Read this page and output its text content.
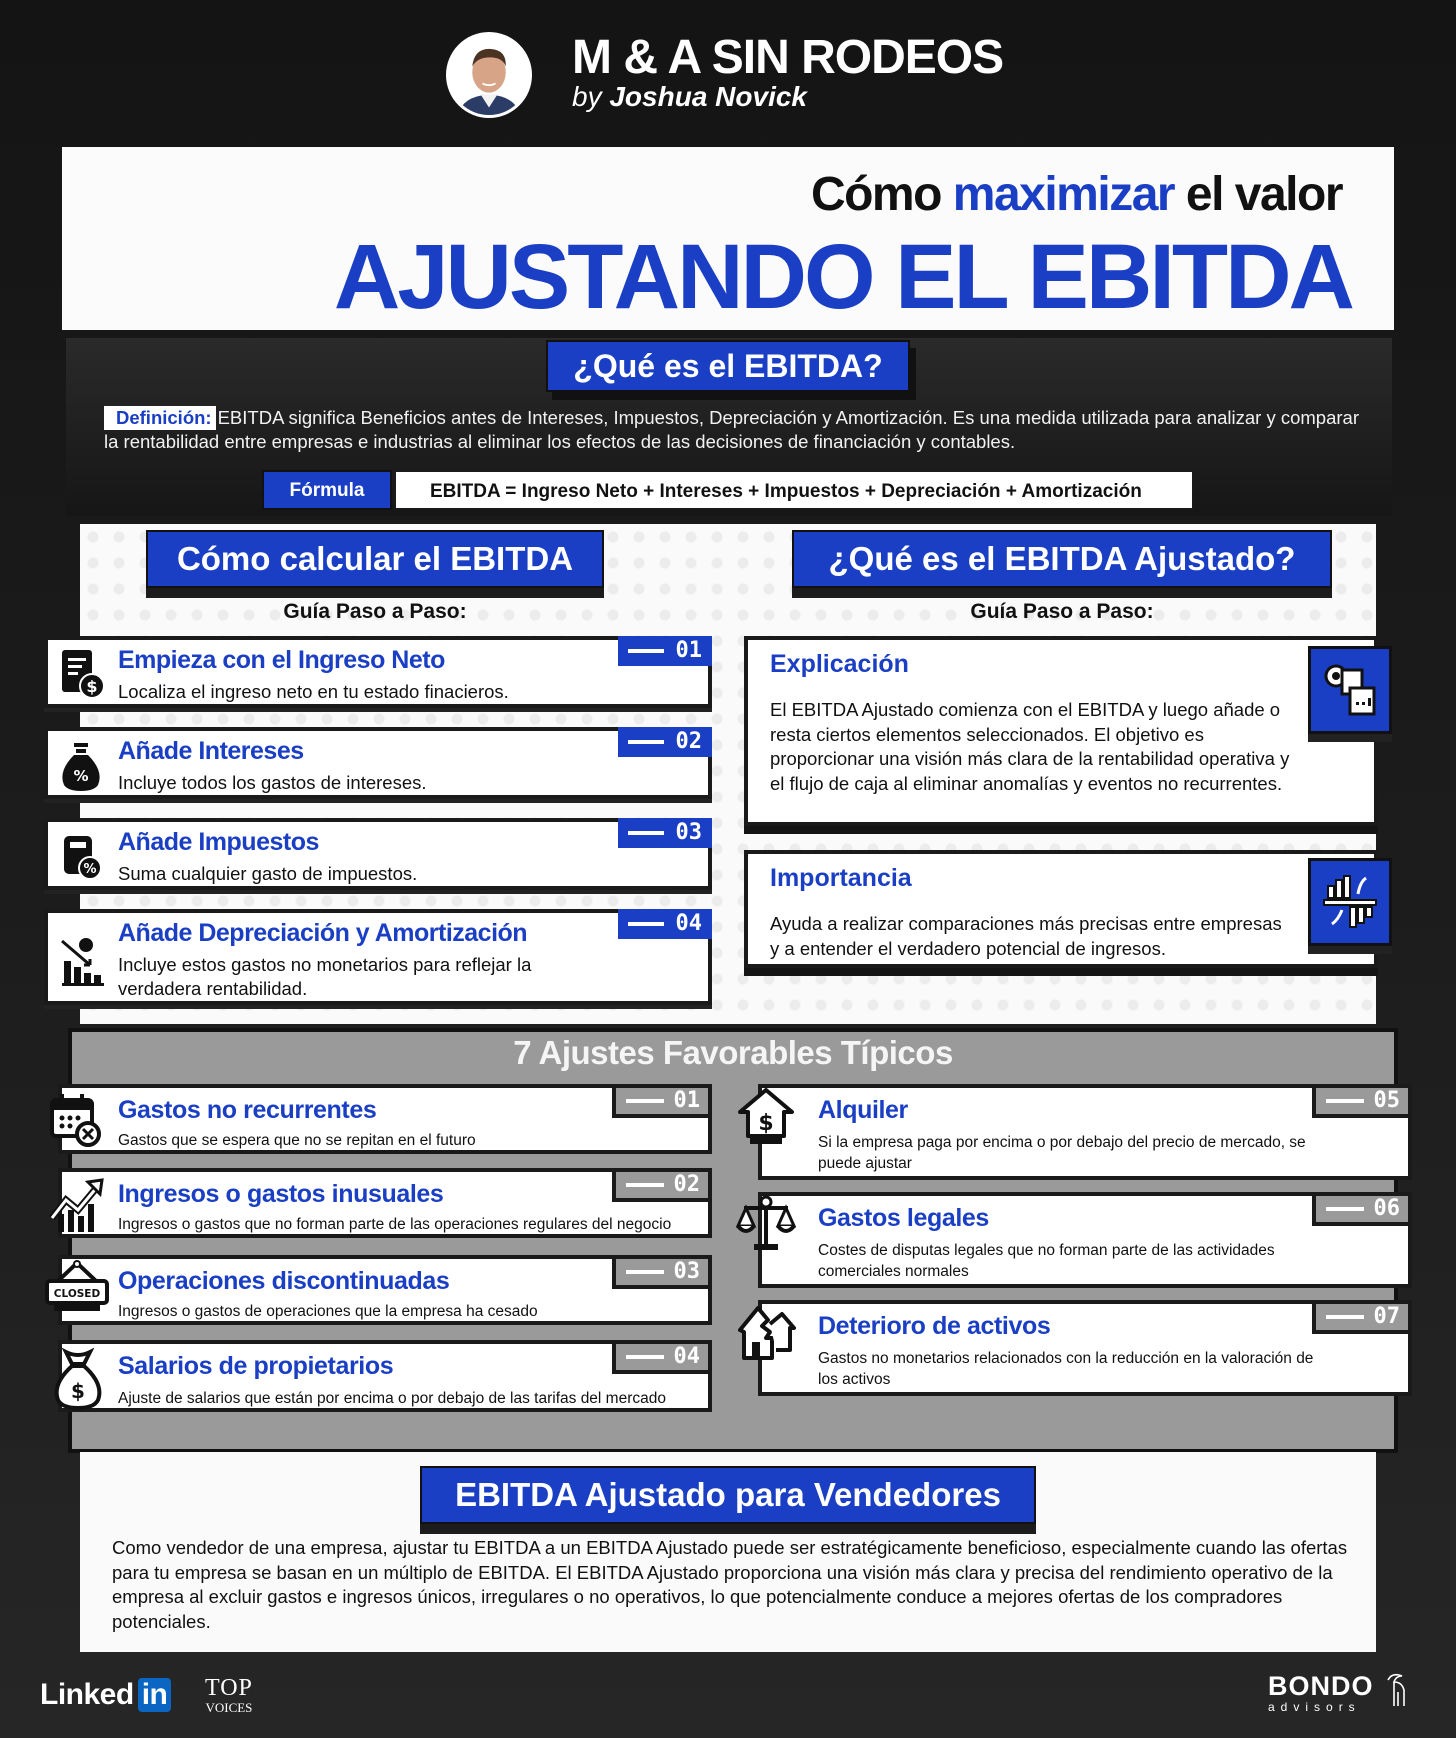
M & A SIN RODEOS
by Joshua Novick
Cómo maximizar el valor
AJUSTANDO EL EBITDA
¿Qué es el EBITDA?
Definición: EBITDA significa Beneficios antes de Intereses, Impuestos, Depreciación y Amortización. Es una medida utilizada para analizar y comparar la rentabilidad entre empresas e industrias al eliminar los efectos de las decisiones de financiación y contables.
Fórmula	EBITDA = Ingreso Neto + Intereses + Impuestos + Depreciación + Amortización
Cómo calcular el EBITDA	¿Qué es el EBITDA Ajustado?
Guía Paso a Paso:	Guía Paso a Paso:
$
Empieza con el Ingreso Neto
Localiza el ingreso neto en tu estado finacieros.
01
%
Añade Intereses
Incluye todos los gastos de intereses.
02
%
Añade Impuestos
Suma cualquier gasto de impuestos.
03
Añade Depreciación y Amortización
Incluye estos gastos no monetarios para reflejar la verdadera rentabilidad.
04
Explicación
El EBITDA Ajustado comienza con el EBITDA y luego añade o resta ciertos elementos seleccionados. El objetivo es proporcionar una visión más clara de la rentabilidad operativa y el flujo de caja al eliminar anomalías y eventos no recurrentes.
Importancia
Ayuda a realizar comparaciones más precisas entre empresas y a entender el verdadero potencial de ingresos.
7 Ajustes Favorables Típicos
Gastos no recurrentes
Gastos que se espera que no se repitan en el futuro
01
Ingresos o gastos inusuales
Ingresos o gastos que no forman parte de las operaciones regulares del negocio
02
CLOSED Operaciones discontinuadas
Ingresos o gastos de operaciones que la empresa ha cesado
03
$
Salarios de propietarios
Ajuste de salarios que están por encima o por debajo de las tarifas del mercado
04
$ Alquiler
Si la empresa paga por encima o por debajo del precio de mercado, se puede ajustar
05
Gastos legales
Costes de disputas legales que no forman parte de las actividades comerciales normales
06
Deterioro de activos
Gastos no monetarios relacionados con la reducción en la valoración de los activos
07
EBITDA Ajustado para Vendedores
Como vendedor de una empresa, ajustar tu EBITDA a un EBITDA Ajustado puede ser estratégicamente beneficioso, especialmente cuando las ofertas para tu empresa se basan en un múltiplo de EBITDA. El EBITDA Ajustado proporciona una visión más clara y precisa del rendimiento operativo de la empresa al excluir gastos e ingresos únicos, irregulares o no operativos, lo que potencialmente conduce a mejores ofertas de los compradores potenciales.
Linked in TOP
VOICES
BONDO
advisors
